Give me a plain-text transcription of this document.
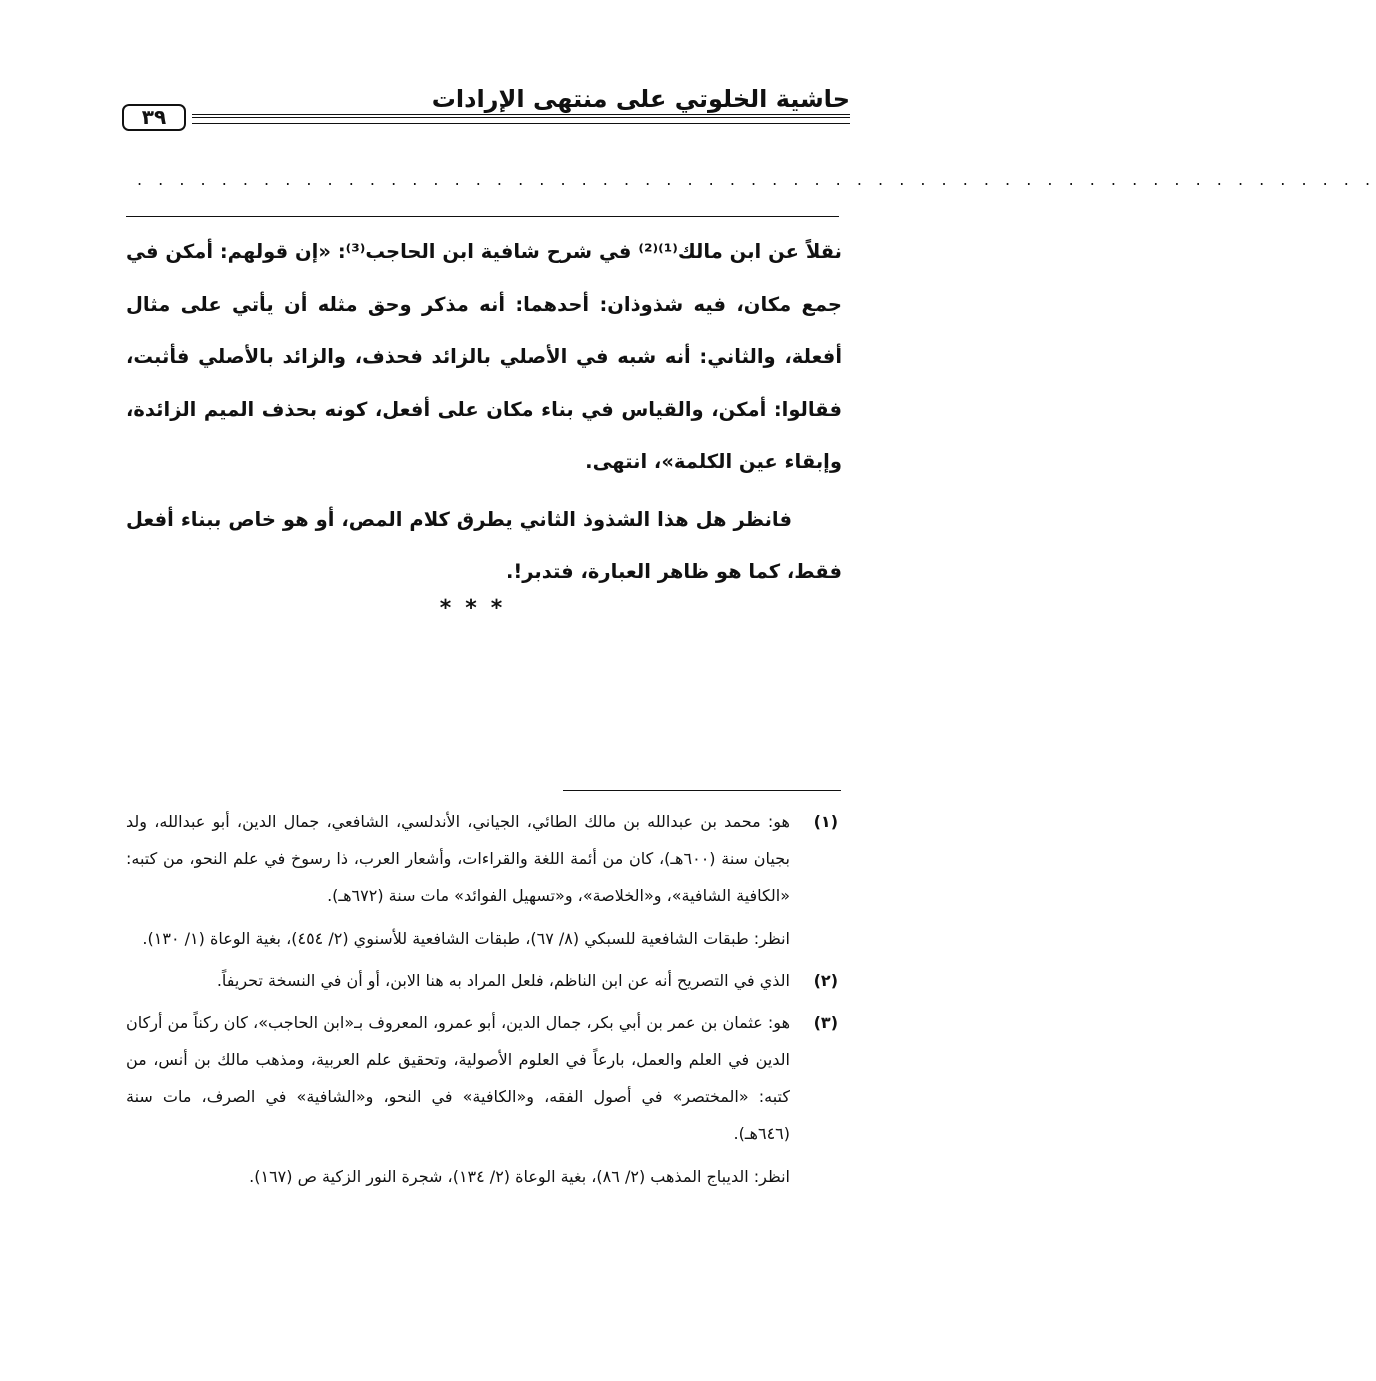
حاشية الخلوتي على منتهى الإرادات
٣٩
. . . . . . . . . . . . . . . . . . . . . . . . . . . . . . . . . . . . . . . . . . . . . . . . . . . . . . . . . . .

نقلاً عن ابن مالك⁽¹⁾⁽²⁾ في شرح شافية ابن الحاجب⁽³⁾: «إن قولهم: أمكن في جمع مكان، فيه شذوذان: أحدهما: أنه مذكر وحق مثله أن يأتي على مثال أفعلة، والثاني: أنه شبه في الأصلي بالزائد فحذف، والزائد بالأصلي فأثبت، فقالوا: أمكن، والقياس في بناء مكان على أفعل، كونه بحذف الميم الزائدة، وإبقاء عين الكلمة»، انتهى.

فانظر هل هذا الشذوذ الثاني يطرق كلام المص، أو هو خاص ببناء أفعل فقط، كما هو ظاهر العبارة، فتدبر!.

***
(١)

هو: محمد بن عبدالله بن مالك الطائي، الجياني، الأندلسي، الشافعي، جمال الدين، أبو عبدالله، ولد بجيان سنة (٦٠٠هـ)، كان من أئمة اللغة والقراءات، وأشعار العرب، ذا رسوخ في علم النحو، من كتبه: «الكافية الشافية»، و«الخلاصة»، و«تسهيل الفوائد» مات سنة (٦٧٢هـ).

انظر: طبقات الشافعية للسبكي (٨/ ٦٧)، طبقات الشافعية للأسنوي (٢/ ٤٥٤)، بغية الوعاة (١/ ١٣٠).

(٢)

الذي في التصريح أنه عن ابن الناظم، فلعل المراد به هنا الابن، أو أن في النسخة تحريفاً.

(٣)

هو: عثمان بن عمر بن أبي بكر، جمال الدين، أبو عمرو، المعروف بـ«ابن الحاجب»، كان ركناً من أركان الدين في العلم والعمل، بارعاً في العلوم الأصولية، وتحقيق علم العربية، ومذهب مالك بن أنس، من كتبه: «المختصر» في أصول الفقه، و«الكافية» في النحو، و«الشافية» في الصرف، مات سنة (٦٤٦هـ).

انظر: الديباج المذهب (٢/ ٨٦)، بغية الوعاة (٢/ ١٣٤)، شجرة النور الزكية ص (١٦٧).
